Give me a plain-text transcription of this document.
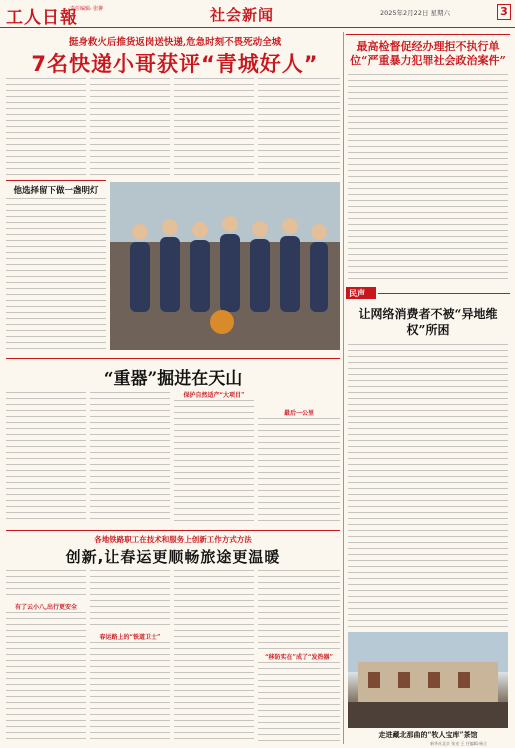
工人日報
责任编辑: 张翀	社会新闻	2025年2月22日 星期六	3
挺身救火后推货返岗送快递,危急时刻不畏死动全城
7名快递小哥获评“青城好人”
他选择留下做一盏明灯
最高检督促经办理拒不执行单位“严重暴力犯罪社会政治案件”
民声
让网络消费者不被“异地维权”所困
走进藏北那曲的“牧人宝库”茶馆
新华社北京 张光·王 任编辑:杨立
“重器”掘进在天山
保护自然适产“大项目”
最后一公里
各地铁路职工在技术和服务上创新工作方式方法
创新,让春运更顺畅旅途更温暖
有了云小八,出行更安全
春运路上的“铁道卫士”
“移防实在”成了“发热器”
